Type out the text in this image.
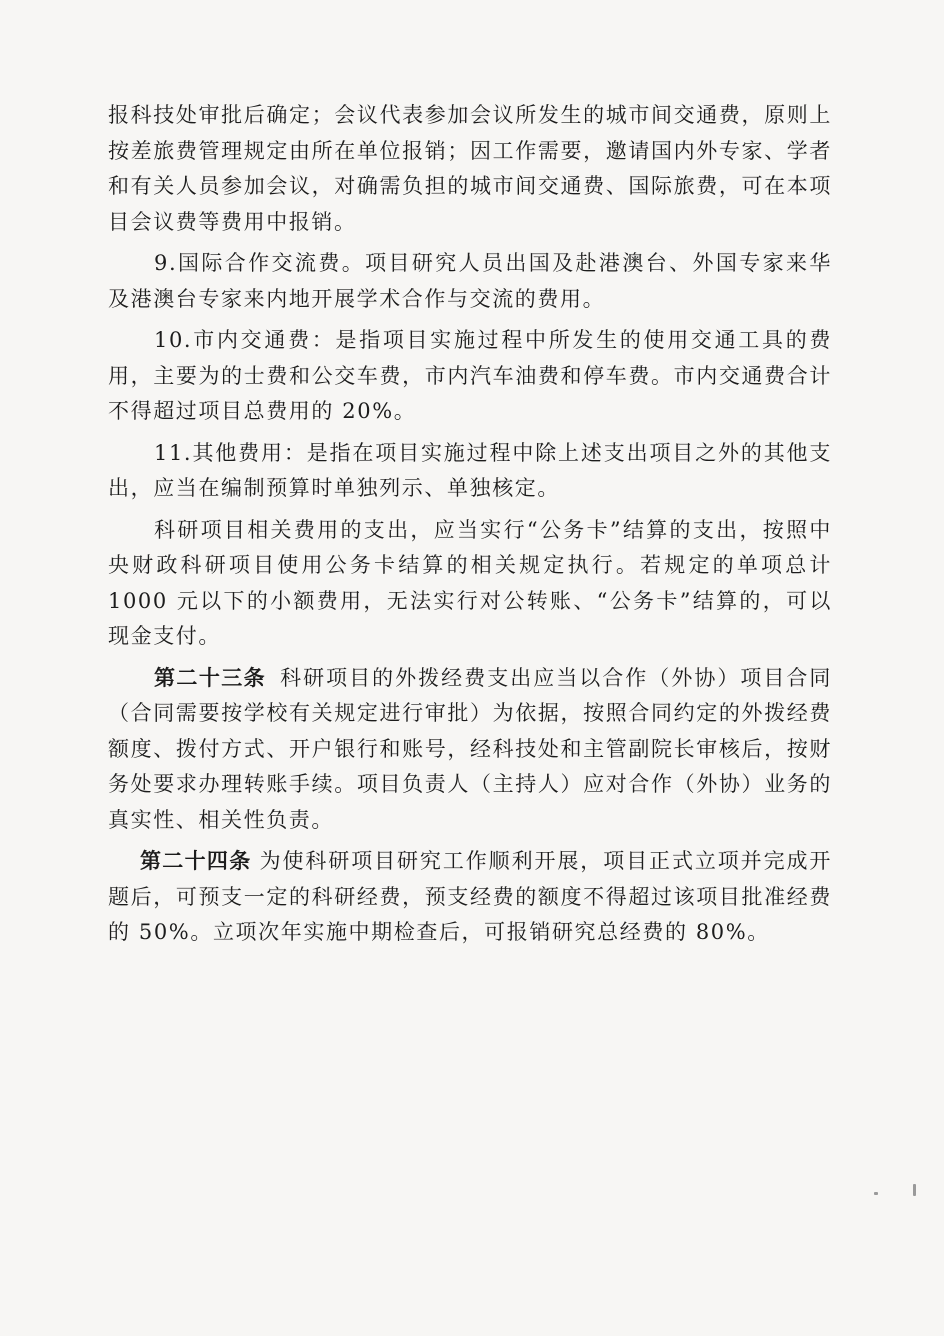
报科技处审批后确定；会议代表参加会议所发生的城市间交通费，原则上按差旅费管理规定由所在单位报销；因工作需要，邀请国内外专家、学者和有关人员参加会议，对确需负担的城市间交通费、国际旅费，可在本项目会议费等费用中报销。

9.国际合作交流费。项目研究人员出国及赴港澳台、外国专家来华及港澳台专家来内地开展学术合作与交流的费用。

10.市内交通费：是指项目实施过程中所发生的使用交通工具的费用，主要为的士费和公交车费，市内汽车油费和停车费。市内交通费合计不得超过项目总费用的 20%。

11.其他费用：是指在项目实施过程中除上述支出项目之外的其他支出，应当在编制预算时单独列示、单独核定。

科研项目相关费用的支出，应当实行“公务卡”结算的支出，按照中央财政科研项目使用公务卡结算的相关规定执行。若规定的单项总计 1000 元以下的小额费用，无法实行对公转账、“公务卡”结算的，可以现金支付。

第二十三条 科研项目的外拨经费支出应当以合作（外协）项目合同（合同需要按学校有关规定进行审批）为依据，按照合同约定的外拨经费额度、拨付方式、开户银行和账号，经科技处和主管副院长审核后，按财务处要求办理转账手续。项目负责人（主持人）应对合作（外协）业务的真实性、相关性负责。

第二十四条 为使科研项目研究工作顺利开展，项目正式立项并完成开题后，可预支一定的科研经费，预支经费的额度不得超过该项目批准经费的 50%。立项次年实施中期检查后，可报销研究总经费的 80%。
